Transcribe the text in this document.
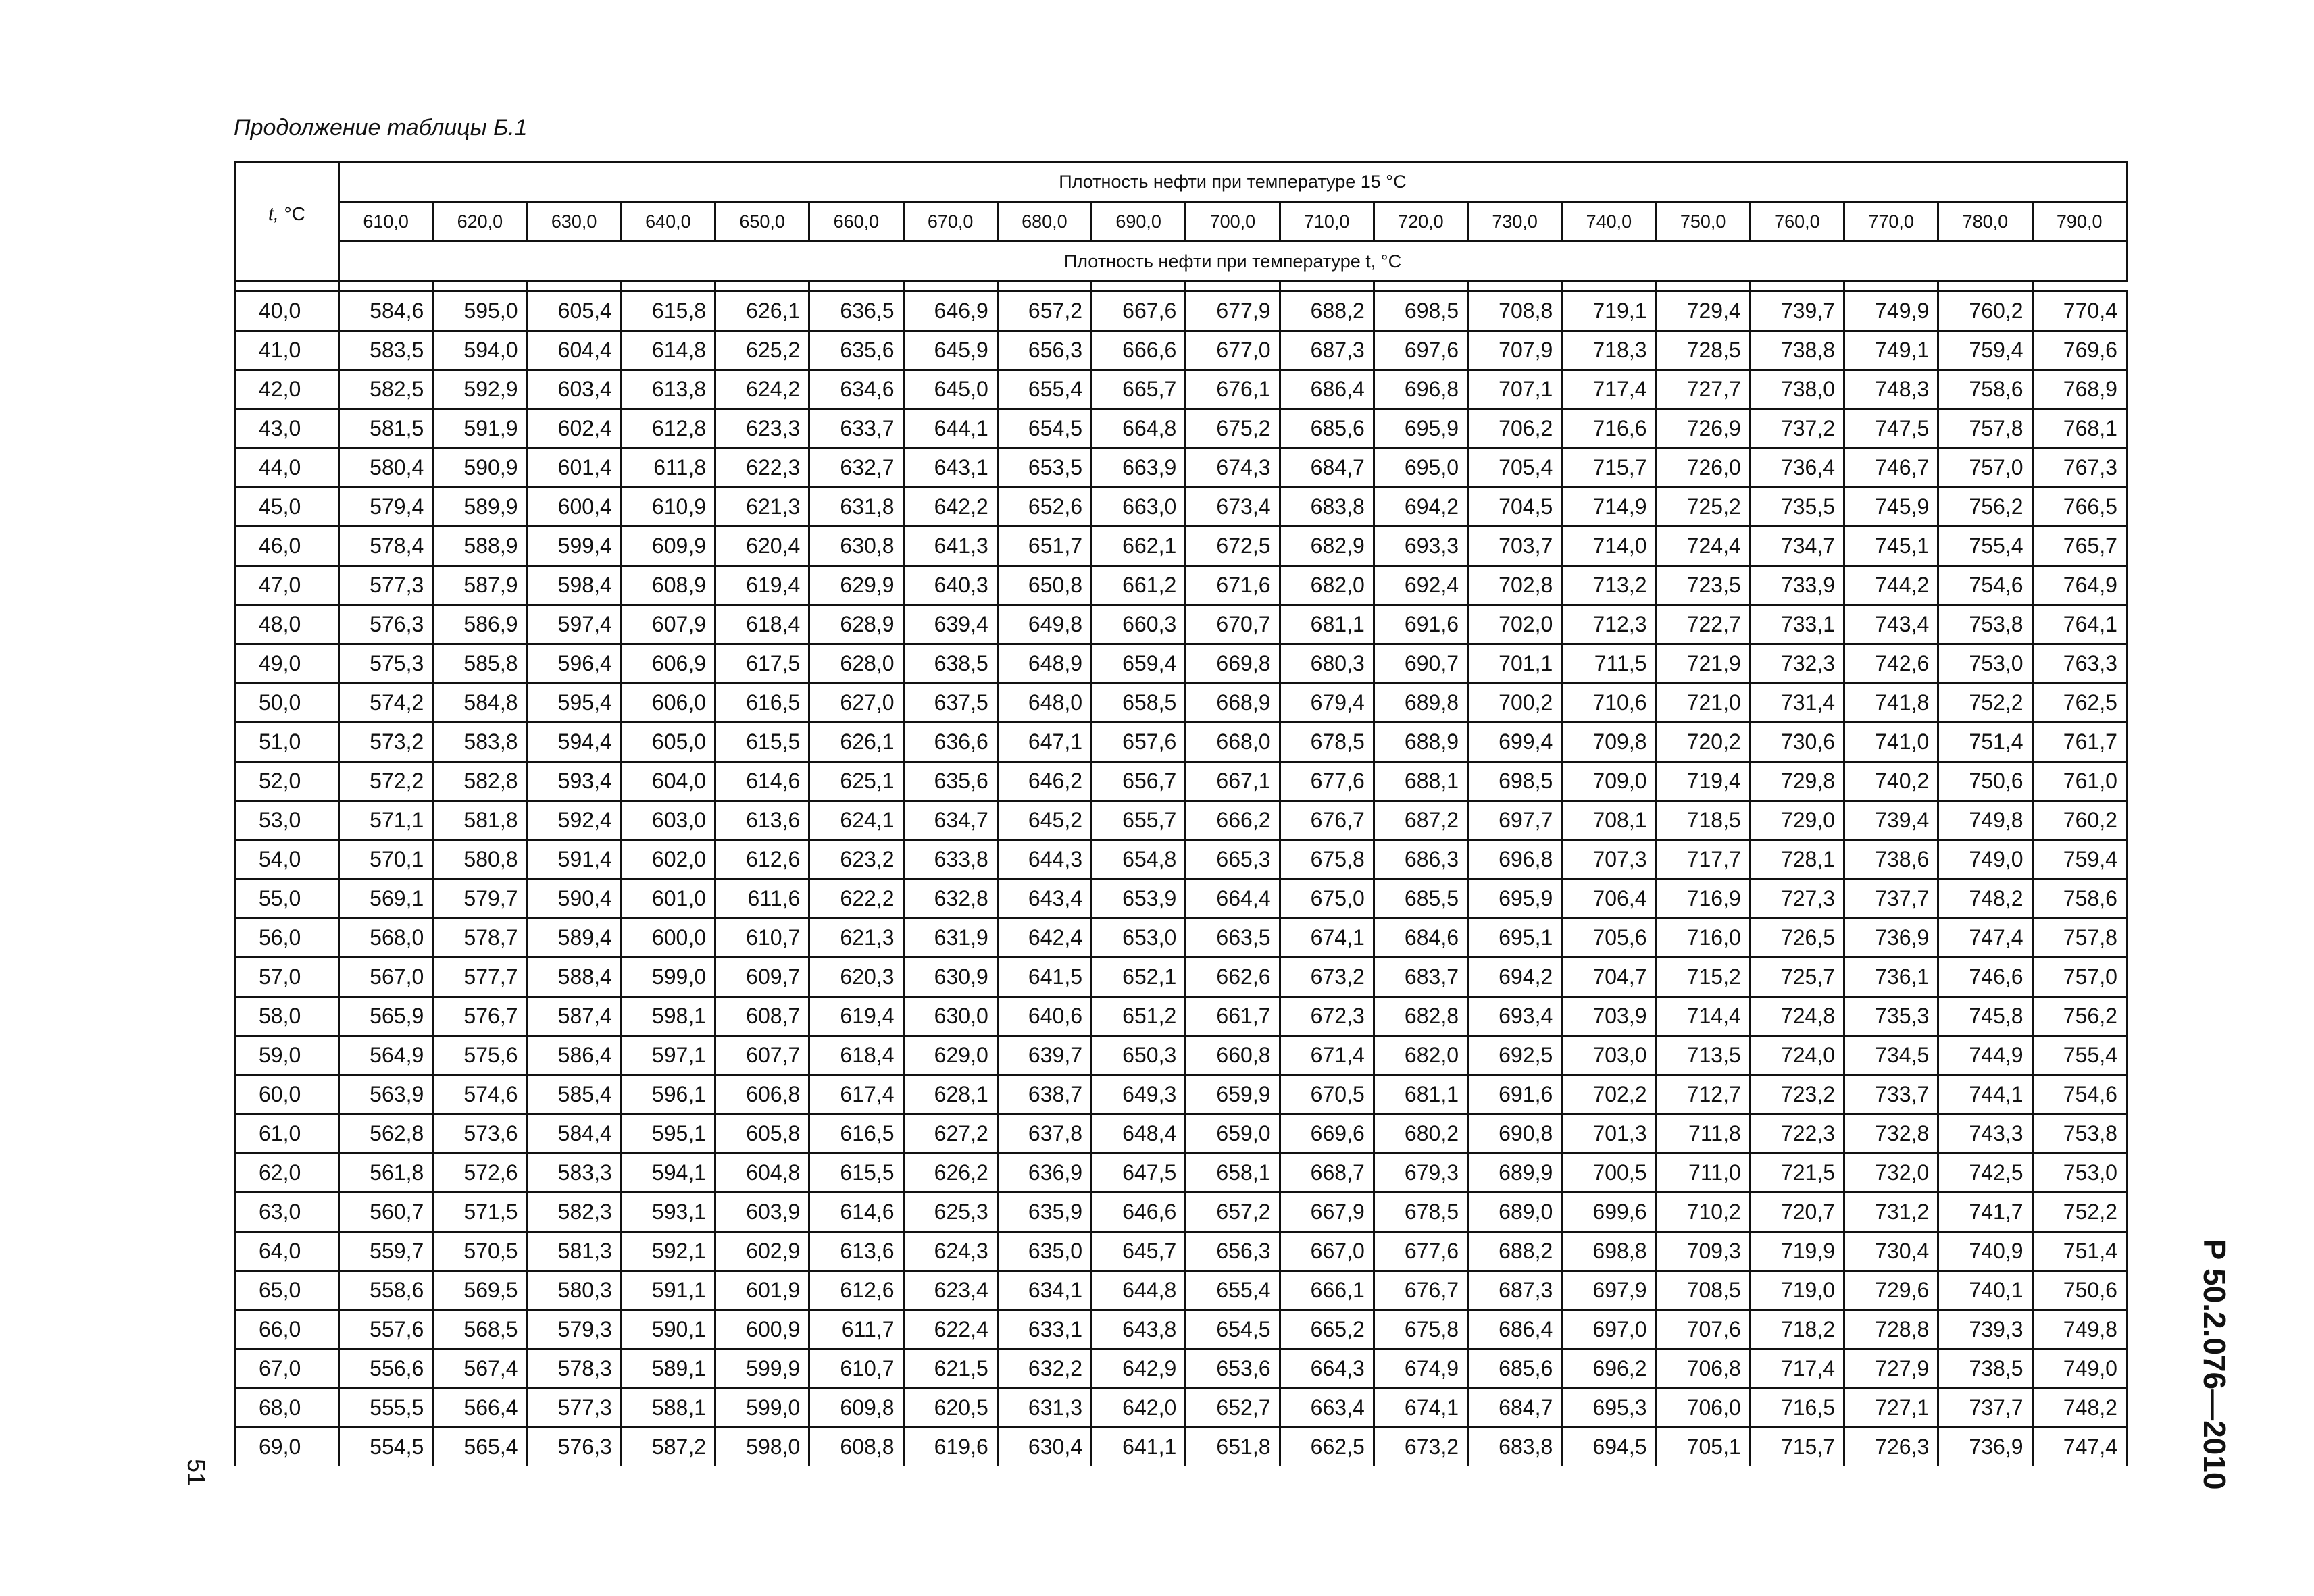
Продолжение таблицы Б.1
t, °С	Плотность нефти при температуре 15 °С																		
	610,0	620,0	630,0	640,0	650,0	660,0	670,0	680,0	690,0	700,0	710,0	720,0	730,0	740,0	750,0	760,0	770,0	780,0	790,0
	Плотность нефти при температуре t, °С																		

40,0	584,6	595,0	605,4	615,8	626,1	636,5	646,9	657,2	667,6	677,9	688,2	698,5	708,8	719,1	729,4	739,7	749,9	760,2	770,4
41,0	583,5	594,0	604,4	614,8	625,2	635,6	645,9	656,3	666,6	677,0	687,3	697,6	707,9	718,3	728,5	738,8	749,1	759,4	769,6
42,0	582,5	592,9	603,4	613,8	624,2	634,6	645,0	655,4	665,7	676,1	686,4	696,8	707,1	717,4	727,7	738,0	748,3	758,6	768,9
43,0	581,5	591,9	602,4	612,8	623,3	633,7	644,1	654,5	664,8	675,2	685,6	695,9	706,2	716,6	726,9	737,2	747,5	757,8	768,1
44,0	580,4	590,9	601,4	611,8	622,3	632,7	643,1	653,5	663,9	674,3	684,7	695,0	705,4	715,7	726,0	736,4	746,7	757,0	767,3
45,0	579,4	589,9	600,4	610,9	621,3	631,8	642,2	652,6	663,0	673,4	683,8	694,2	704,5	714,9	725,2	735,5	745,9	756,2	766,5
46,0	578,4	588,9	599,4	609,9	620,4	630,8	641,3	651,7	662,1	672,5	682,9	693,3	703,7	714,0	724,4	734,7	745,1	755,4	765,7
47,0	577,3	587,9	598,4	608,9	619,4	629,9	640,3	650,8	661,2	671,6	682,0	692,4	702,8	713,2	723,5	733,9	744,2	754,6	764,9
48,0	576,3	586,9	597,4	607,9	618,4	628,9	639,4	649,8	660,3	670,7	681,1	691,6	702,0	712,3	722,7	733,1	743,4	753,8	764,1
49,0	575,3	585,8	596,4	606,9	617,5	628,0	638,5	648,9	659,4	669,8	680,3	690,7	701,1	711,5	721,9	732,3	742,6	753,0	763,3
50,0	574,2	584,8	595,4	606,0	616,5	627,0	637,5	648,0	658,5	668,9	679,4	689,8	700,2	710,6	721,0	731,4	741,8	752,2	762,5
51,0	573,2	583,8	594,4	605,0	615,5	626,1	636,6	647,1	657,6	668,0	678,5	688,9	699,4	709,8	720,2	730,6	741,0	751,4	761,7
52,0	572,2	582,8	593,4	604,0	614,6	625,1	635,6	646,2	656,7	667,1	677,6	688,1	698,5	709,0	719,4	729,8	740,2	750,6	761,0
53,0	571,1	581,8	592,4	603,0	613,6	624,1	634,7	645,2	655,7	666,2	676,7	687,2	697,7	708,1	718,5	729,0	739,4	749,8	760,2
54,0	570,1	580,8	591,4	602,0	612,6	623,2	633,8	644,3	654,8	665,3	675,8	686,3	696,8	707,3	717,7	728,1	738,6	749,0	759,4
55,0	569,1	579,7	590,4	601,0	611,6	622,2	632,8	643,4	653,9	664,4	675,0	685,5	695,9	706,4	716,9	727,3	737,7	748,2	758,6
56,0	568,0	578,7	589,4	600,0	610,7	621,3	631,9	642,4	653,0	663,5	674,1	684,6	695,1	705,6	716,0	726,5	736,9	747,4	757,8
57,0	567,0	577,7	588,4	599,0	609,7	620,3	630,9	641,5	652,1	662,6	673,2	683,7	694,2	704,7	715,2	725,7	736,1	746,6	757,0
58,0	565,9	576,7	587,4	598,1	608,7	619,4	630,0	640,6	651,2	661,7	672,3	682,8	693,4	703,9	714,4	724,8	735,3	745,8	756,2
59,0	564,9	575,6	586,4	597,1	607,7	618,4	629,0	639,7	650,3	660,8	671,4	682,0	692,5	703,0	713,5	724,0	734,5	744,9	755,4
60,0	563,9	574,6	585,4	596,1	606,8	617,4	628,1	638,7	649,3	659,9	670,5	681,1	691,6	702,2	712,7	723,2	733,7	744,1	754,6
61,0	562,8	573,6	584,4	595,1	605,8	616,5	627,2	637,8	648,4	659,0	669,6	680,2	690,8	701,3	711,8	722,3	732,8	743,3	753,8
62,0	561,8	572,6	583,3	594,1	604,8	615,5	626,2	636,9	647,5	658,1	668,7	679,3	689,9	700,5	711,0	721,5	732,0	742,5	753,0
63,0	560,7	571,5	582,3	593,1	603,9	614,6	625,3	635,9	646,6	657,2	667,9	678,5	689,0	699,6	710,2	720,7	731,2	741,7	752,2
64,0	559,7	570,5	581,3	592,1	602,9	613,6	624,3	635,0	645,7	656,3	667,0	677,6	688,2	698,8	709,3	719,9	730,4	740,9	751,4
65,0	558,6	569,5	580,3	591,1	601,9	612,6	623,4	634,1	644,8	655,4	666,1	676,7	687,3	697,9	708,5	719,0	729,6	740,1	750,6
66,0	557,6	568,5	579,3	590,1	600,9	611,7	622,4	633,1	643,8	654,5	665,2	675,8	686,4	697,0	707,6	718,2	728,8	739,3	749,8
67,0	556,6	567,4	578,3	589,1	599,9	610,7	621,5	632,2	642,9	653,6	664,3	674,9	685,6	696,2	706,8	717,4	727,9	738,5	749,0
68,0	555,5	566,4	577,3	588,1	599,0	609,8	620,5	631,3	642,0	652,7	663,4	674,1	684,7	695,3	706,0	716,5	727,1	737,7	748,2
69,0	554,5	565,4	576,3	587,2	598,0	608,8	619,6	630,4	641,1	651,8	662,5	673,2	683,8	694,5	705,1	715,7	726,3	736,9	747,4	Р 50.2.076—2010
51
